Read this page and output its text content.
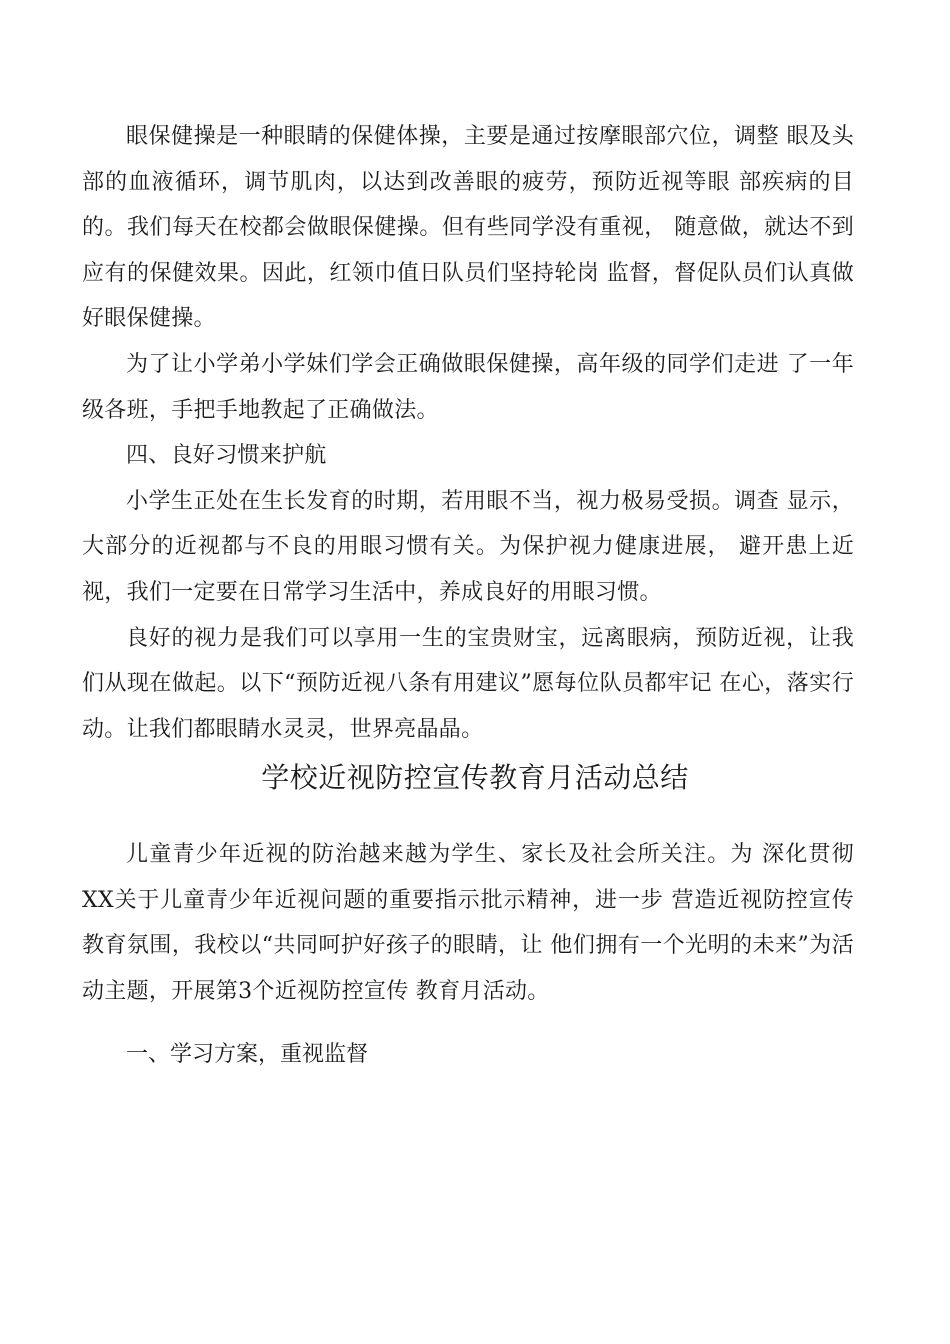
眼保健操是一种眼睛的保健体操，主要是通过按摩眼部穴位，调整 眼及头部的血液循环，调节肌肉，以达到改善眼的疲劳，预防近视等眼 部疾病的目的。我们每天在校都会做眼保健操。但有些同学没有重视， 随意做，就达不到应有的保健效果。因此，红领巾值日队员们坚持轮岗 监督，督促队员们认真做好眼保健操。

为了让小学弟小学妹们学会正确做眼保健操，高年级的同学们走进 了一年级各班，手把手地教起了正确做法。

四、良好习惯来护航

小学生正处在生长发育的时期，若用眼不当，视力极易受损。调查 显示，大部分的近视都与不良的用眼习惯有关。为保护视力健康进展， 避开患上近视，我们一定要在日常学习生活中，养成良好的用眼习惯。

良好的视力是我们可以享用一生的宝贵财宝，远离眼病，预防近视，让我们从现在做起。以下“预防近视八条有用建议”愿每位队员都牢记 在心，落实行动。让我们都眼睛水灵灵，世界亮晶晶。

学校近视防控宣传教育月活动总结

儿童青少年近视的防治越来越为学生、家长及社会所关注。为 深化贯彻XX关于儿童青少年近视问题的重要指示批示精神，进一步 营造近视防控宣传教育氛围，我校以“共同呵护好孩子的眼睛，让 他们拥有一个光明的未来”为活动主题，开展第3个近视防控宣传 教育月活动。

一、学习方案，重视监督
